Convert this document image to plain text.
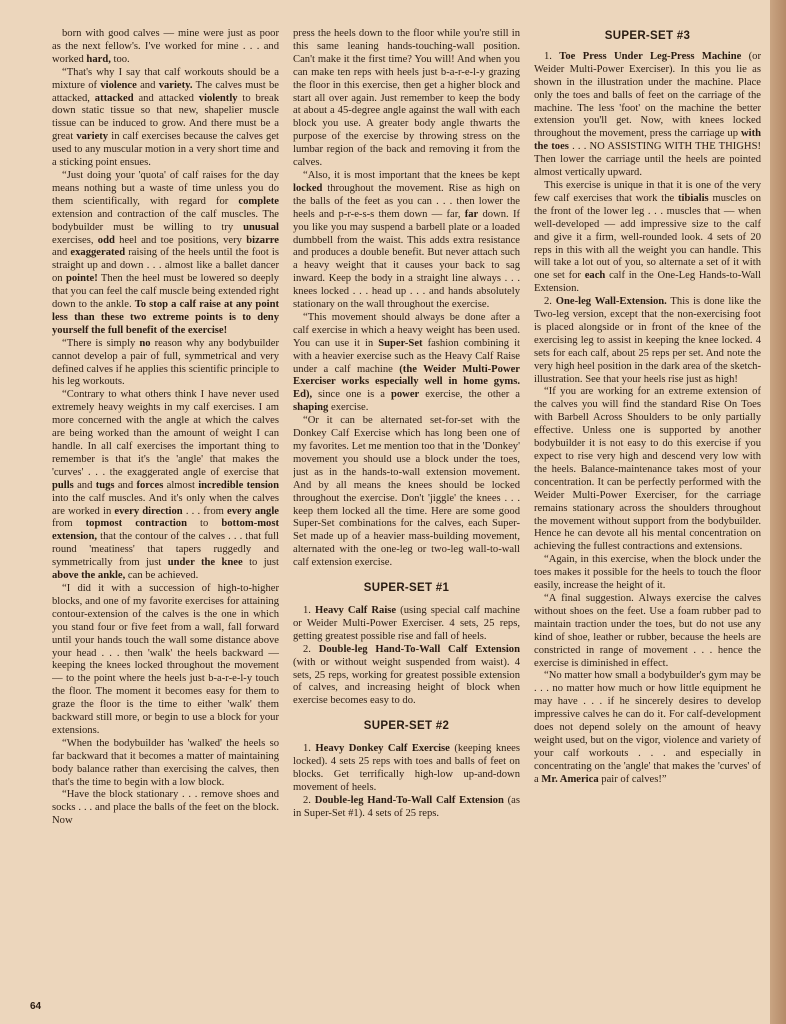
born with good calves — mine were just as poor as the next fellow's. I've worked for mine . . . and worked hard, too.

“That's why I say that calf workouts should be a mixture of violence and variety. The calves must be attacked, attacked and attacked violently to break down static tissue so that new, shapelier muscle tissue can be induced to grow. And there must be a great variety in calf exercises because the calves get used to any muscular motion in a very short time and a sticking point ensues.

“Just doing your 'quota' of calf raises for the day means nothing but a waste of time unless you do them scientifically, with regard for complete extension and contraction of the calf muscles. The bodybuilder must be willing to try unusual exercises, odd heel and toe positions, very bizarre and exaggerated raising of the heels until the foot is straight up and down . . . almost like a ballet dancer on pointe! Then the heel must be lowered so deeply that you can feel the calf muscle being extended right down to the ankle. To stop a calf raise at any point less than these two extreme points is to deny yourself the full benefit of the exercise!

“There is simply no reason why any bodybuilder cannot develop a pair of full, symmetrical and very defined calves if he applies this scientific principle to his leg workouts.

“Contrary to what others think I have never used extremely heavy weights in my calf exercises. I am more concerned with the angle at which the calves are being worked than the amount of weight I can handle. In all calf exercises the important thing to remember is that it's the 'angle' that makes the 'curves' . . . the exaggerated angle of exercise that pulls and tugs and forces almost incredible tension into the calf muscles. And it's only when the calves are worked in every direction . . . from every angle from topmost contraction to bottom-most extension, that the contour of the calves . . . that full round 'meatiness' that tapers ruggedly and symmetrically from just under the knee to just above the ankle, can be achieved.

“I did it with a succession of high-to-higher blocks, and one of my favorite exercises for attaining contour-extension of the calves is the one in which you stand four or five feet from a wall, fall forward until your hands touch the wall some distance above your head . . . then 'walk' the heels backward — keeping the knees locked throughout the movement — to the point where the heels just b-a-r-e-l-y touch the floor. The moment it becomes easy for them to graze the floor is the time to either 'walk' them backward still more, or begin to use a block for your extensions.

“When the bodybuilder has 'walked' the heels so far backward that it becomes a matter of maintaining body balance rather than exercising the calves, then that's the time to begin with a low block.

“Have the block stationary . . . remove shoes and socks . . . and place the balls of the feet on the block. Now

press the heels down to the floor while you're still in this same leaning hands-touching-wall position. Can't make it the first time? You will! And when you can make ten reps with heels just b-a-r-e-l-y grazing the floor in this exercise, then get a higher block and start all over again. Just remember to keep the body at about a 45-degree angle against the wall with each block you use. A greater body angle thwarts the purpose of the exercise by throwing stress on the lumbar region of the back and removing it from the calves.

“Also, it is most important that the knees be kept locked throughout the movement. Rise as high on the balls of the feet as you can . . . then lower the heels and p-r-e-s-s them down — far, far down. If you like you may suspend a barbell plate or a loaded dumbbell from the waist. This adds extra resistance and produces a double benefit. But never attach such a heavy weight that it causes your back to sag inward. Keep the body in a straight line always . . . knees locked . . . head up . . . and hands absolutely stationary on the wall throughout the exercise.

“This movement should always be done after a calf exercise in which a heavy weight has been used. You can use it in Super-Set fashion combining it with a heavier exercise such as the Heavy Calf Raise under a calf machine (the Weider Multi-Power Exerciser works especially well in home gyms. Ed), since one is a power exercise, the other a shaping exercise.

“Or it can be alternated set-for-set with the Donkey Calf Exercise which has long been one of my favorites. Let me mention too that in the 'Donkey' movement you should use a block under the toes, just as in the hands-to-wall extension movement. And by all means the knees should be locked throughout the exercise. Don't 'jiggle' the knees . . . keep them locked all the time. Here are some good Super-Set combinations for the calves, each Super-Set made up of a heavier mass-building movement, alternated with the one-leg or two-leg wall-to-wall calf extension exercise.

SUPER-SET #1

1. Heavy Calf Raise (using special calf machine or Weider Multi-Power Exerciser. 4 sets, 25 reps, getting greatest possible rise and fall of heels.

2. Double-leg Hand-To-Wall Calf Extension (with or without weight suspended from waist). 4 sets, 25 reps, working for greatest possible extension of calves, and increasing height of block when exercise becomes easy to do.

SUPER-SET #2

1. Heavy Donkey Calf Exercise (keeping knees locked). 4 sets 25 reps with toes and balls of feet on blocks. Get terrifically high-low up-and-down movement of heels.

2. Double-leg Hand-To-Wall Calf Extension (as in Super-Set #1). 4 sets of 25 reps.

SUPER-SET #3

1. Toe Press Under Leg-Press Machine (or Weider Multi-Power Exerciser). In this you lie as shown in the illustration under the machine. Place only the toes and balls of feet on the carriage of the machine. The less 'foot' on the machine the better extension you'll get. Now, with knees locked throughout the movement, press the carriage up with the toes . . . NO ASSISTING WITH THE THIGHS! Then lower the carriage until the heels are pointed almost vertically upward.

This exercise is unique in that it is one of the very few calf exercises that work the tibialis muscles on the front of the lower leg . . . muscles that — when well-developed — add impressive size to the calf and give it a firm, well-rounded look. 4 sets of 20 reps in this with all the weight you can handle. This will take a lot out of you, so alternate a set of it with one set for each calf in the One-Leg Hands-to-Wall Extension.

2. One-leg Wall-Extension. This is done like the Two-leg version, except that the non-exercising foot is placed alongside or in front of the knee of the exercising leg to assist in keeping the knee locked. 4 sets for each calf, about 25 reps per set. And note the very high heel position in the dark area of the sketch-illustration. See that your heels rise just as high!

“If you are working for an extreme extension of the calves you will find the standard Rise On Toes with Barbell Across Shoulders to be only partially effective. Unless one is supported by another bodybuilder it is not easy to do this exercise if you expect to rise very high and descend very low with the heels. Balance-maintenance takes most of your concentration. It can be perfectly performed with the Weider Multi-Power Exerciser, for the carriage remains stationary across the shoulders throughout the movement without support from the bodybuilder. Hence he can devote all his mental concentration on achieving the fullest contractions and extensions.

“Again, in this exercise, when the block under the toes makes it possible for the heels to touch the floor easily, increase the height of it.

“A final suggestion. Always exercise the calves without shoes on the feet. Use a foam rubber pad to maintain traction under the toes, but do not use any kind of shoe, leather or rubber, because the heels are constricted in range of movement . . . hence the exercise is diminished in effect.

“No matter how small a bodybuilder's gym may be . . . no matter how much or how little equipment he may have . . . if he sincerely desires to develop impressive calves he can do it. For calf-development does not depend solely on the amount of heavy weight used, but on the vigor, violence and variety of your calf workouts . . . and especially in concentrating on the 'angle' that makes the 'curves' of a Mr. America pair of calves!”

64
